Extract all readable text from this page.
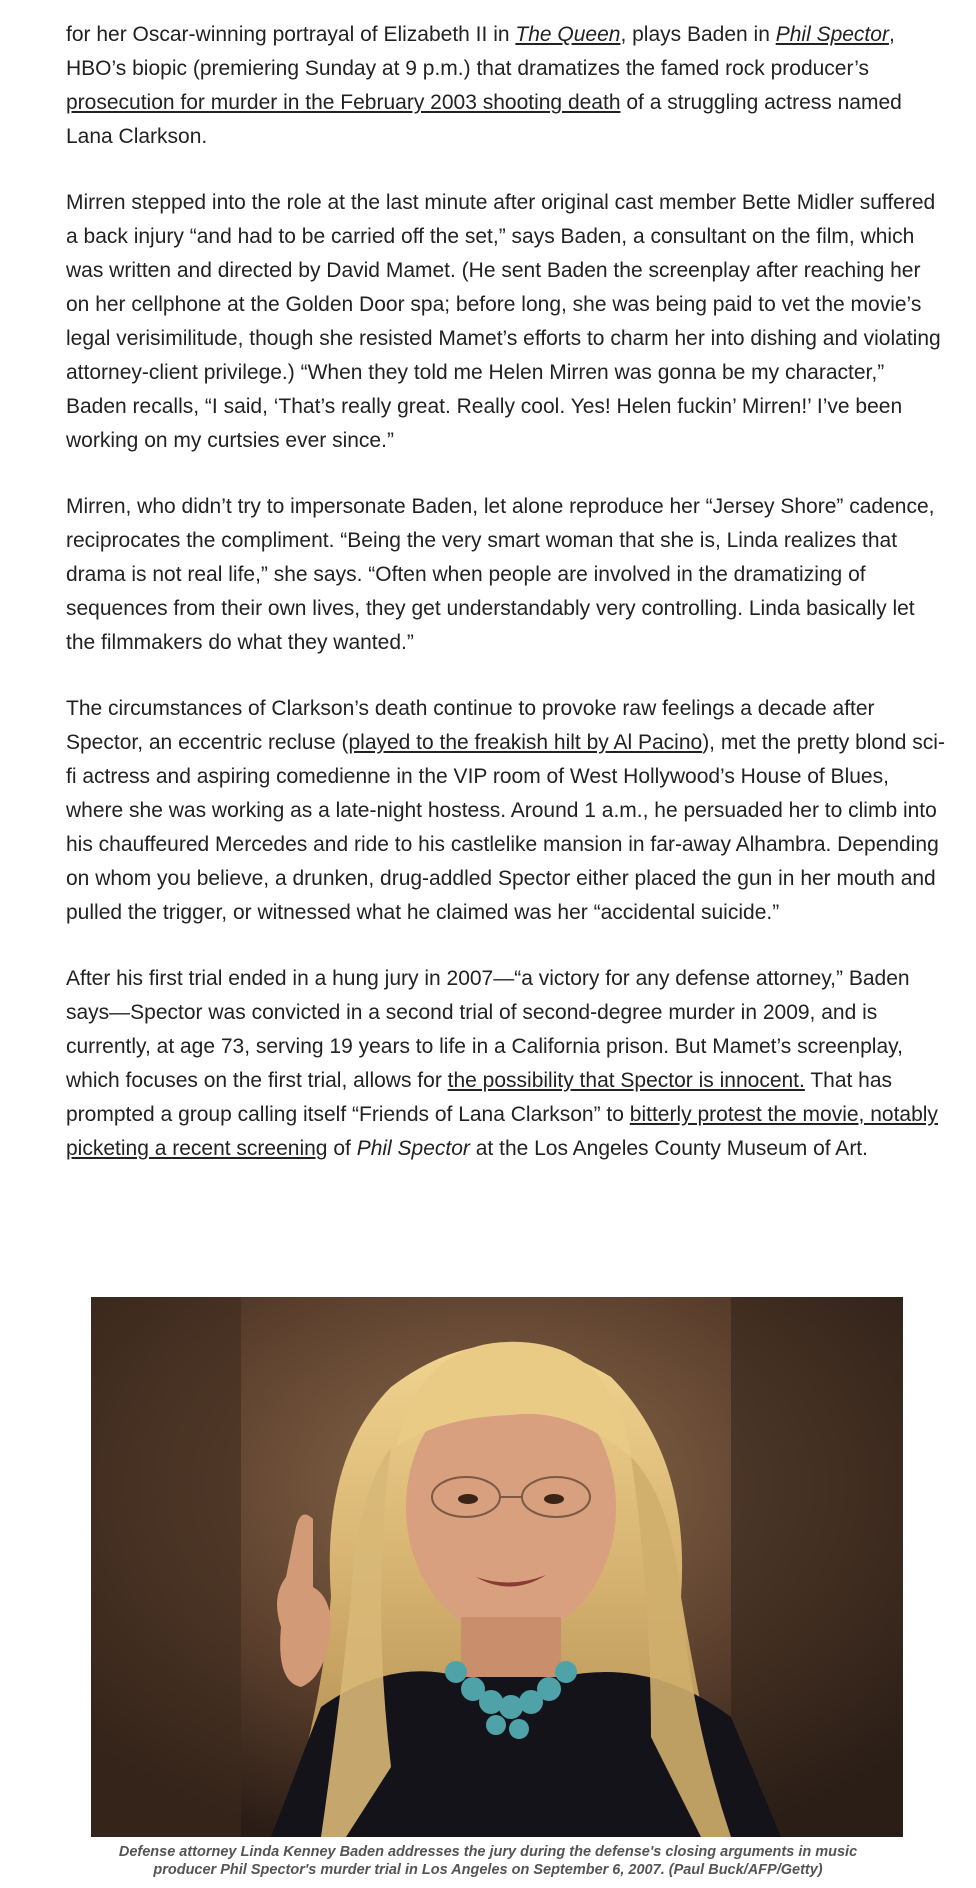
for her Oscar-winning portrayal of Elizabeth II in The Queen, plays Baden in Phil Spector, HBO’s biopic (premiering Sunday at 9 p.m.) that dramatizes the famed rock producer’s prosecution for murder in the February 2003 shooting death of a struggling actress named Lana Clarkson.

Mirren stepped into the role at the last minute after original cast member Bette Midler suffered a back injury “and had to be carried off the set,” says Baden, a consultant on the film, which was written and directed by David Mamet. (He sent Baden the screenplay after reaching her on her cellphone at the Golden Door spa; before long, she was being paid to vet the movie’s legal verisimilitude, though she resisted Mamet’s efforts to charm her into dishing and violating attorney-client privilege.) “When they told me Helen Mirren was gonna be my character,” Baden recalls, “I said, ‘That’s really great. Really cool. Yes! Helen fuckin’ Mirren!’ I’ve been working on my curtsies ever since.”

Mirren, who didn’t try to impersonate Baden, let alone reproduce her “Jersey Shore” cadence, reciprocates the compliment. “Being the very smart woman that she is, Linda realizes that drama is not real life,” she says. “Often when people are involved in the dramatizing of sequences from their own lives, they get understandably very controlling. Linda basically let the filmmakers do what they wanted.”

The circumstances of Clarkson’s death continue to provoke raw feelings a decade after Spector, an eccentric recluse (played to the freakish hilt by Al Pacino), met the pretty blond sci-fi actress and aspiring comedienne in the VIP room of West Hollywood’s House of Blues, where she was working as a late-night hostess. Around 1 a.m., he persuaded her to climb into his chauffeured Mercedes and ride to his castlelike mansion in far-away Alhambra. Depending on whom you believe, a drunken, drug-addled Spector either placed the gun in her mouth and pulled the trigger, or witnessed what he claimed was her “accidental suicide.”

After his first trial ended in a hung jury in 2007—“a victory for any defense attorney,” Baden says—Spector was convicted in a second trial of second-degree murder in 2009, and is currently, at age 73, serving 19 years to life in a California prison. But Mamet’s screenplay, which focuses on the first trial, allows for the possibility that Spector is innocent. That has prompted a group calling itself “Friends of Lana Clarkson” to bitterly protest the movie, notably picketing a recent screening of Phil Spector at the Los Angeles County Museum of Art.

Defense attorney Linda Kenney Baden addresses the jury during the defense's closing arguments in music
producer Phil Spector's murder trial in Los Angeles on September 6, 2007. (Paul Buck/AFP/Getty)
